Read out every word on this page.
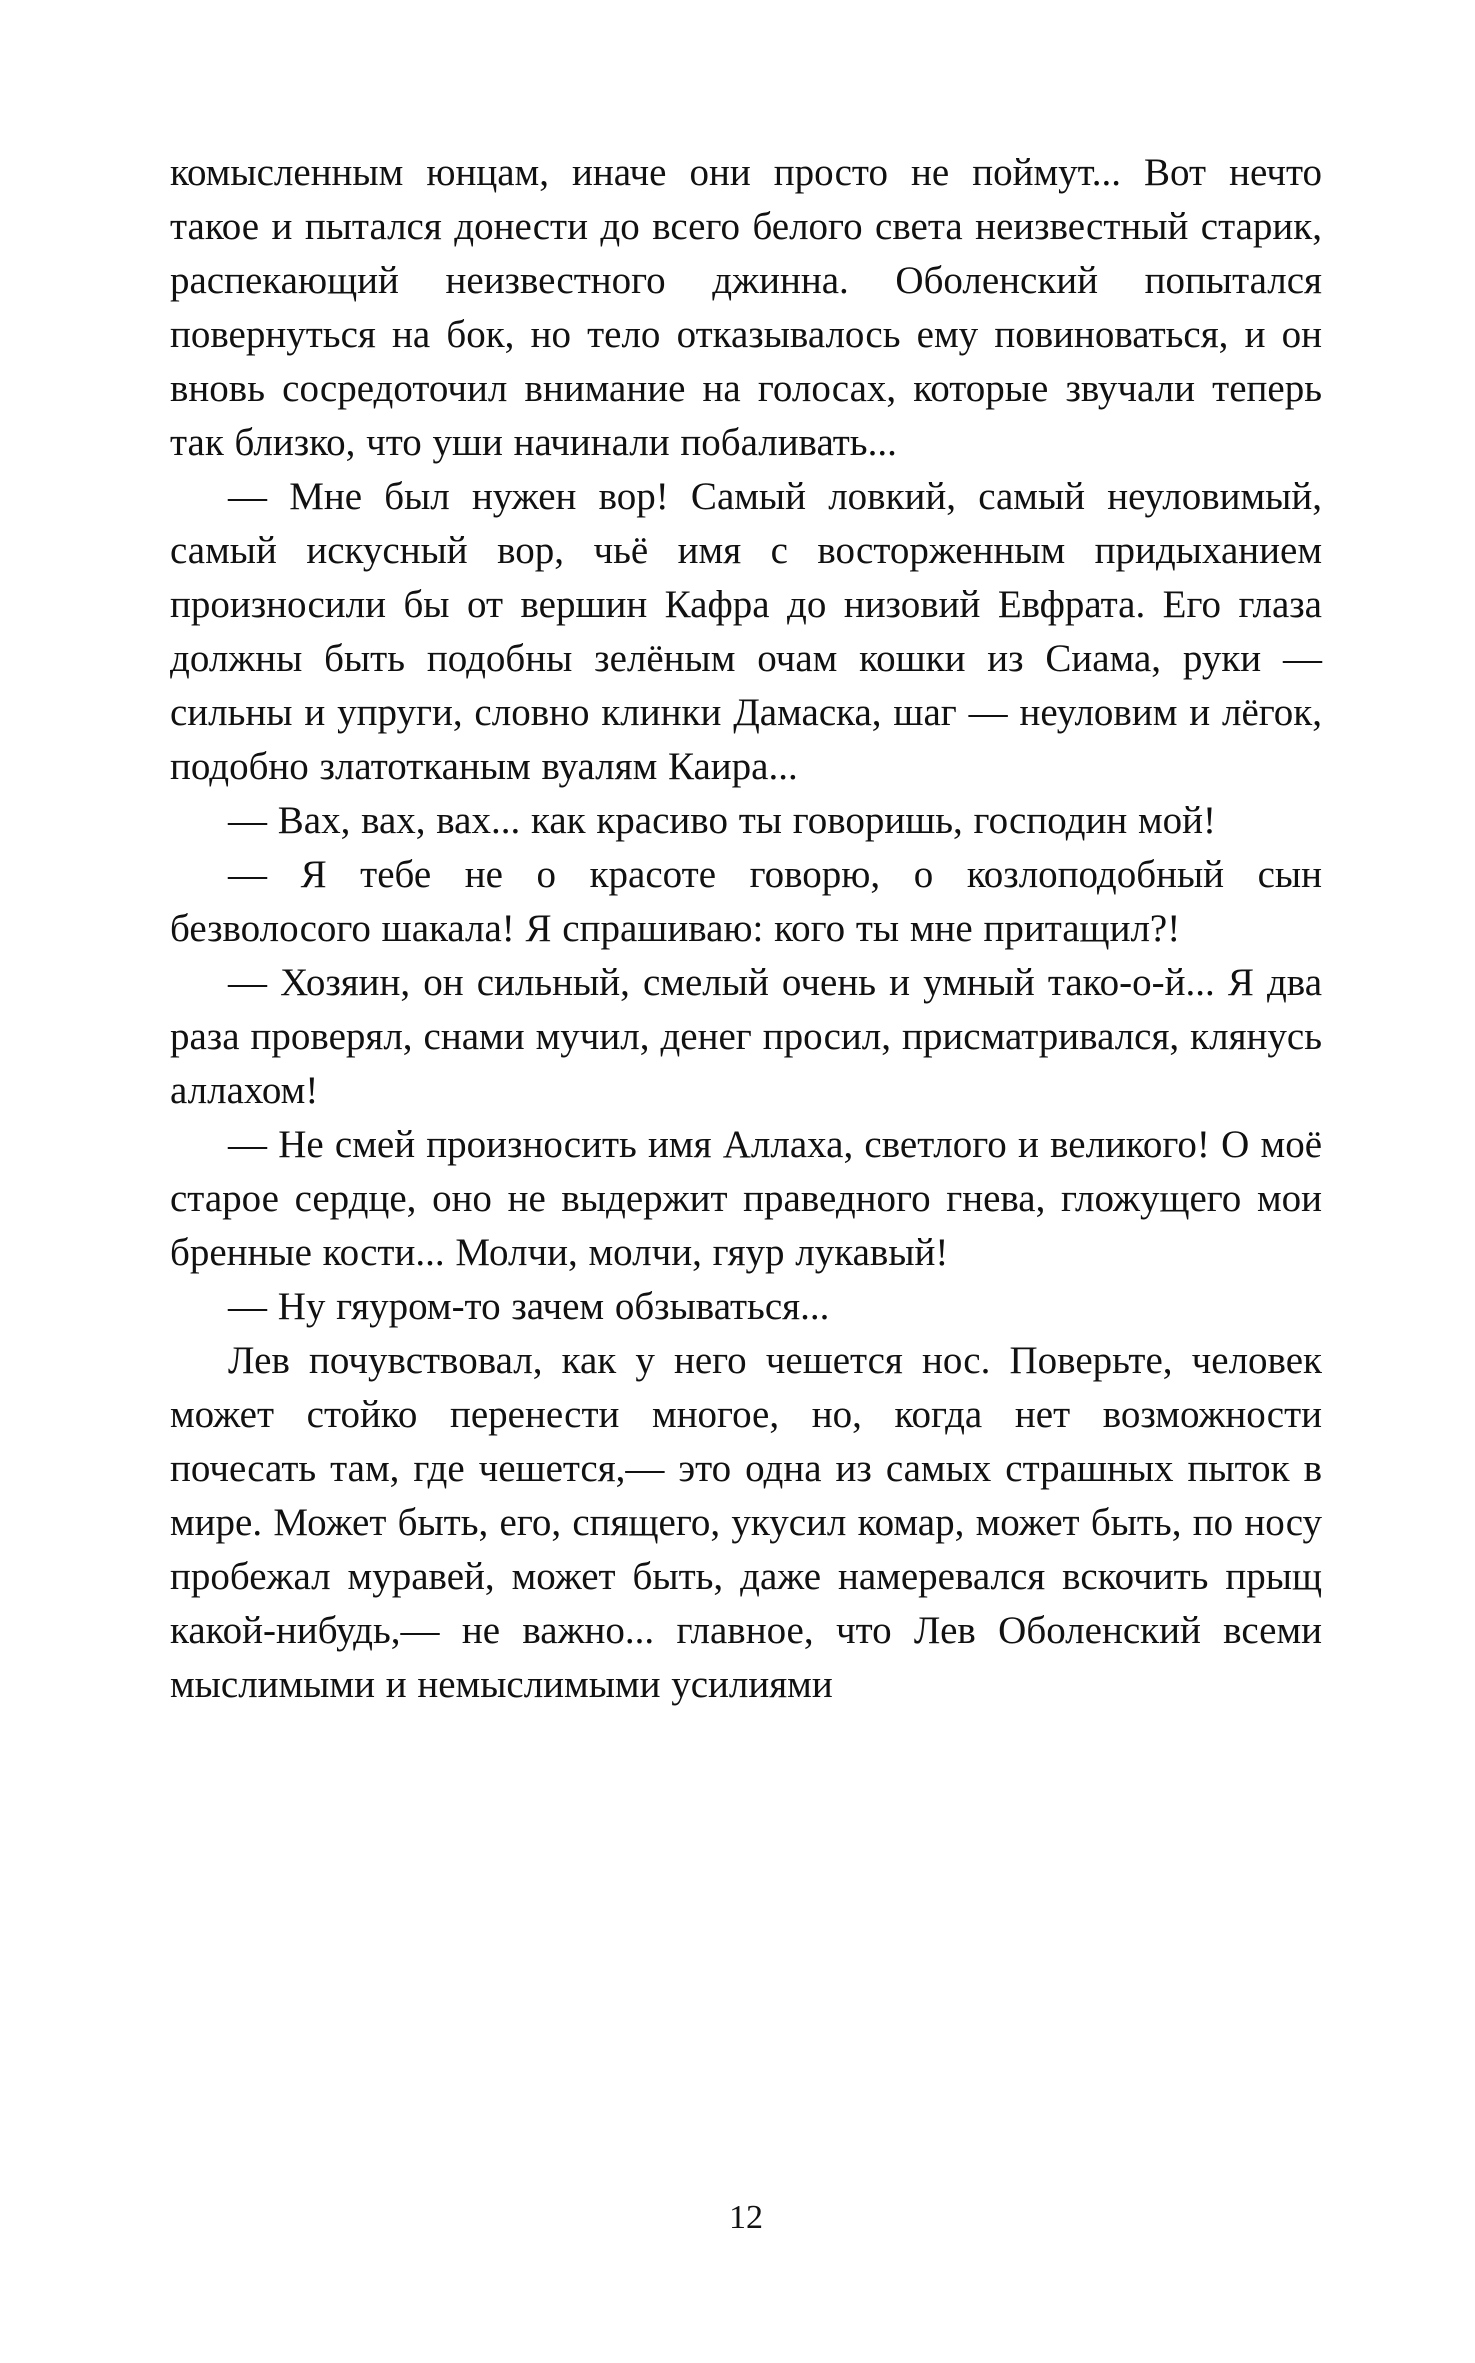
комысленным юнцам, иначе они просто не поймут... Вот нечто такое и пытался донести до всего белого света неизвестный старик, распекающий неизвестного джинна. Оболенский попытался повернуться на бок, но тело отказывалось ему повиноваться, и он вновь сосредоточил внимание на голосах, которые звучали теперь так близко, что уши начинали побаливать...

— Мне был нужен вор! Самый ловкий, самый неуловимый, самый искусный вор, чьё имя с восторженным придыханием произносили бы от вершин Кафра до низовий Евфрата. Его глаза должны быть подобны зелёным очам кошки из Сиама, руки — сильны и упруги, словно клинки Дамаска, шаг — неуловим и лёгок, подобно златотканым вуалям Каира...

— Вах, вах, вах... как красиво ты говоришь, господин мой!

— Я тебе не о красоте говорю, о козлоподобный сын безволосого шакала! Я спрашиваю: кого ты мне притащил?!

— Хозяин, он сильный, смелый очень и умный тако-о-й... Я два раза проверял, снами мучил, денег просил, присматривался, клянусь аллахом!

— Не смей произносить имя Аллаха, светлого и великого! О моё старое сердце, оно не выдержит праведного гнева, гложущего мои бренные кости... Молчи, молчи, гяур лукавый!

— Ну гяуром-то зачем обзываться...

Лев почувствовал, как у него чешется нос. Поверьте, человек может стойко перенести многое, но, когда нет возможности почесать там, где чешется,— это одна из самых страшных пыток в мире. Может быть, его, спящего, укусил комар, может быть, по носу пробежал муравей, может быть, даже намеревался вскочить прыщ какой-нибудь,— не важно... главное, что Лев Оболенский всеми мыслимыми и немыслимыми усилиями

12
